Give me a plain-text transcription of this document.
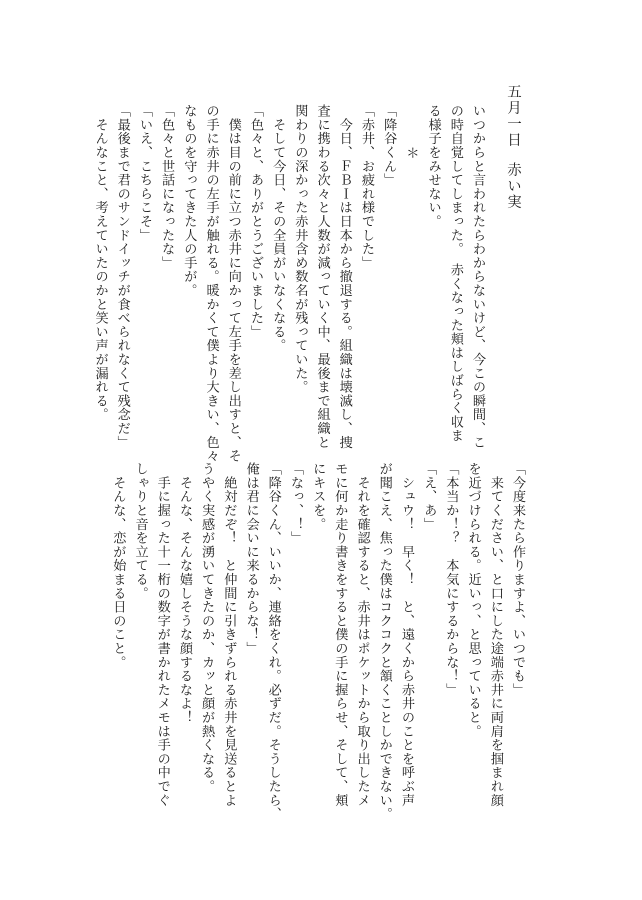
五月一日赤い実

いつからと言われたらわからないけど、今この瞬間、こ

の時自覚してしまった。　赤くなった頬はしばらく収ま

る様子をみせない。

＊

「降谷くん」

「赤井、お疲れ様でした」

　今日、ＦＢＩは日本から撤退する。組織は壊滅し、捜

査に携わる次々と人数が減っていく中、最後まで組織と

関わりの深かった赤井含め数名が残っていた。

　そして今日、その全員がいなくなる。

「色々と、ありがとうございました」

　僕は目の前に立つ赤井に向かって左手を差し出すと、そ

の手に赤井の左手が触れる。暖かくて僕より大きい、色々

なものを守ってきた人の手が。

「色々と世話になったな」

「いえ、こちらこそ」

「最後まで君のサンドイッチが食べられなくて残念だ」

　そんなこと、考えていたのかと笑い声が漏れる。

「今度来たら作りますよ、いつでも」

　来てください、と口にした途端赤井に両肩を掴まれ顔

を近づけられる。近いっ、と思っていると。

「本当か！？　本気にするからな！」

「え、あ」

　シュウ！　早く！　と、遠くから赤井のことを呼ぶ声

が聞こえ、焦った僕はコクコクと頷くことしかできない。

　それを確認すると、赤井はポケットから取り出したメ

モに何か走り書きをすると僕の手に握らせ、そして、頬

にキスを。

「なっ、！」

「降谷くん、いいか、連絡をくれ。必ずだ。そうしたら、

俺は君に会いに来るからな！」

　絶対だぞ！　と仲間に引きずられる赤井を見送るとよ

うやく実感が湧いてきたのか、カッと顔が熱くなる。

　そんな、そんな嬉しそうな顔するなよ！

　手に握った十一桁の数字が書かれたメモは手の中でぐ

しゃりと音を立てる。

　そんな、恋が始まる日のこと。
